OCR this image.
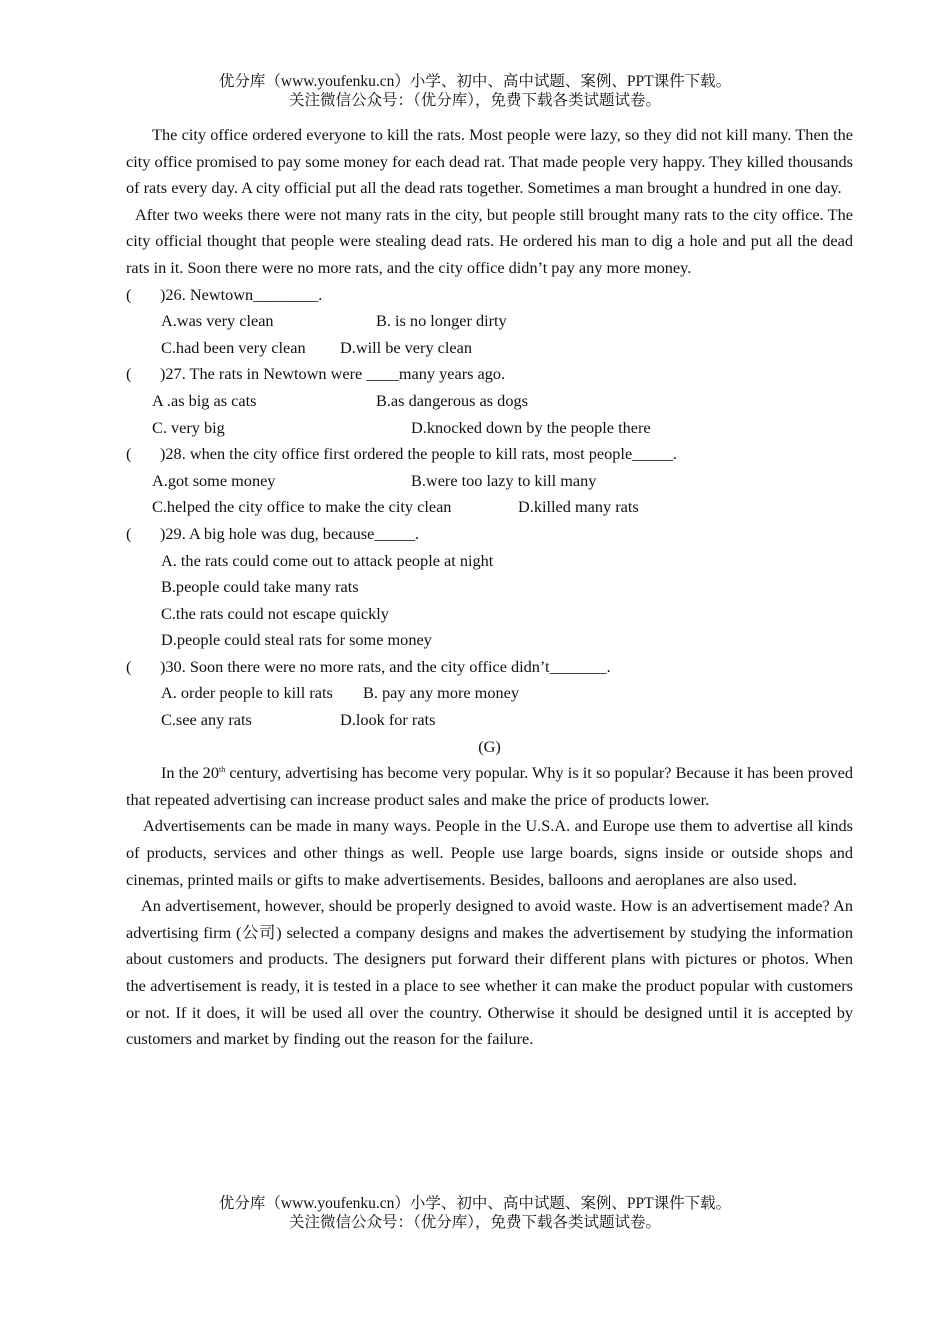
优分库（www.youfenku.cn）小学、初中、高中试题、案例、PPT课件下载。
关注微信公众号：（优分库），免费下载各类试题试卷。
The city office ordered everyone to kill the rats. Most people were lazy, so they did not kill many. Then the city office promised to pay some money for each dead rat. That made people very happy. They killed thousands of rats every day. A city official put all the dead rats together. Sometimes a man brought a hundred in one day.
After two weeks there were not many rats in the city, but people still brought many rats to the city office. The city official thought that people were stealing dead rats. He ordered his man to dig a hole and put all the dead rats in it. Soon there were no more rats, and the city office didn’t pay any more money.
( )26. Newtown________.
A.was very clean	B. is no longer dirty
C.had been very clean D.will be very clean
( )27. The rats in Newtown were ____many years ago.
A .as big as cats	B.as dangerous as dogs
C. very big	D.knocked down by the people there
( )28. when the city office first ordered the people to kill rats, most people_____.
A.got some money	B.were too lazy to kill many
C.helped the city office to make the city clean	D.killed many rats
( )29. A big hole was dug, because_____.
A. the rats could come out to attack people at night
B.people could take many rats
C.the rats could not escape quickly
D.people could steal rats for some money
( )30. Soon there were no more rats, and the city office didn’t_______.
A. order people to kill rats B. pay any more money
C.see any rats	D.look for rats
(G)
In the 20th century, advertising has become very popular. Why is it so popular? Because it has been proved that repeated advertising can increase product sales and make the price of products lower.
Advertisements can be made in many ways. People in the U.S.A. and Europe use them to advertise all kinds of products, services and other things as well. People use large boards, signs inside or outside shops and cinemas, printed mails or gifts to make advertisements. Besides, balloons and aeroplanes are also used.
An advertisement, however, should be properly designed to avoid waste. How is an advertisement made? An advertising firm (公司) selected a company designs and makes the advertisement by studying the information about customers and products. The designers put forward their different plans with pictures or photos. When the advertisement is ready, it is tested in a place to see whether it can make the product popular with customers or not. If it does, it will be used all over the country. Otherwise it should be designed until it is accepted by customers and market by finding out the reason for the failure.
优分库（www.youfenku.cn）小学、初中、高中试题、案例、PPT课件下载。
关注微信公众号：（优分库），免费下载各类试题试卷。
